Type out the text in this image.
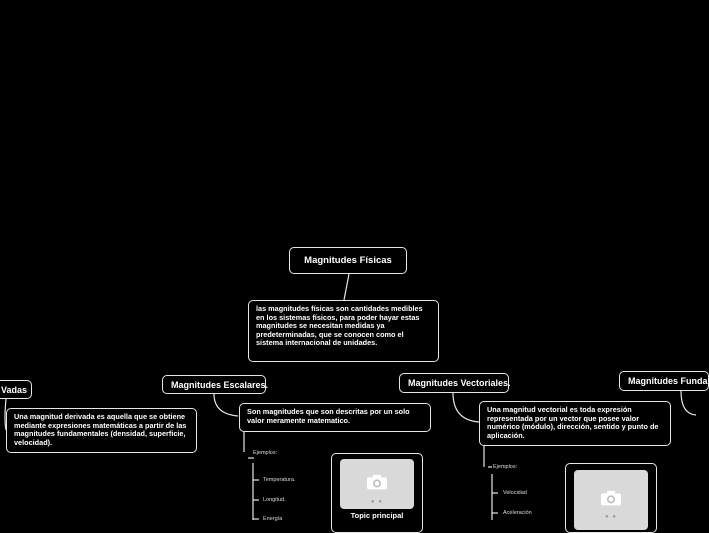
Magnitudes Físicas
las magnitudes físicas son cantidades medibles en los sistemas físicos, para poder hayar estas magnitudes se necesitan medidas ya predeterminadas, que se conocen como el sistema internacional de unidades.
Vadas
Una magnitud derivada es aquella que se obtiene mediante expresiones matemáticas a partir de las magnitudes fundamentales (densidad, superficie, velocidad).
Magnitudes Escalares.
Son magnitudes que son descritas por un solo valor meramente matematico.
Ejemplos:
Temperatura.
Longitud.
Energía
● ●
Topic principal
Magnitudes Vectoriales.
Una magnitud vectorial es toda expresión representada por un vector que posee valor numérico (módulo), dirección, sentido y punto de aplicación.
Ejemplos:
Velocidad
Aceleración
● ●
Magnitudes Funda
